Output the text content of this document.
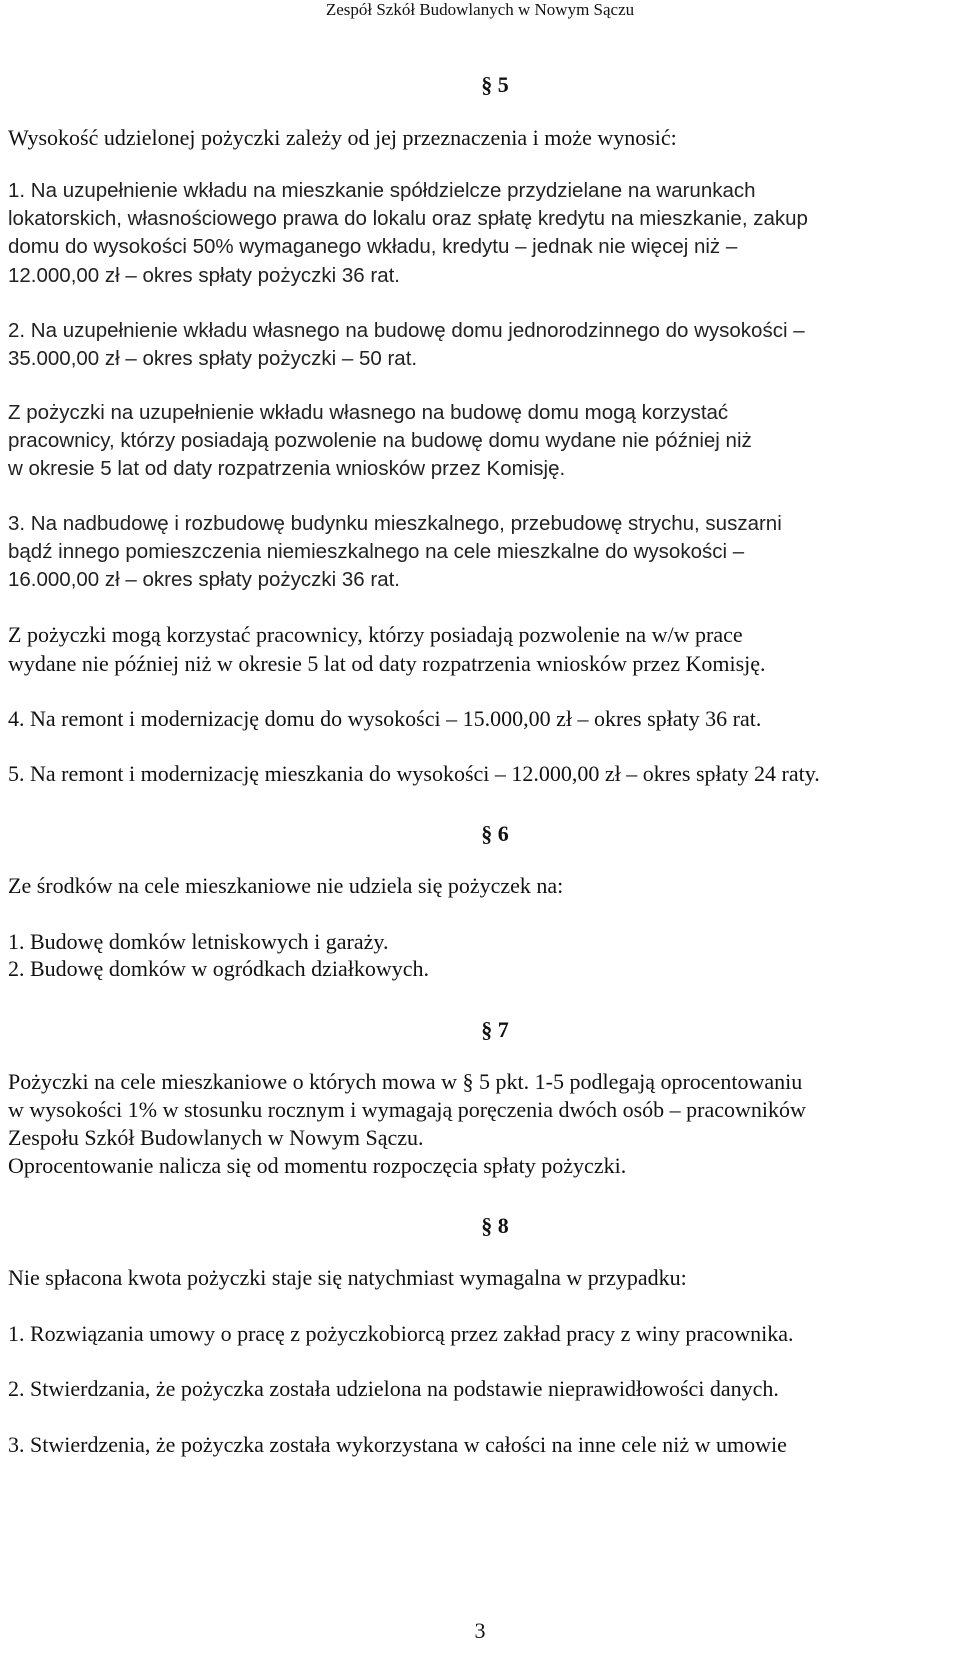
Zespół Szkół Budowlanych w Nowym Sączu
§ 5

Wysokość udzielonej pożyczki zależy od jej przeznaczenia i może wynosić:

1. Na uzupełnienie wkładu na mieszkanie spółdzielcze przydzielane na warunkach

lokatorskich, własnościowego prawa do lokalu oraz spłatę kredytu na mieszkanie, zakup

domu do wysokości 50% wymaganego wkładu, kredytu – jednak nie więcej niż –

12.000,00 zł – okres spłaty pożyczki 36 rat.

2. Na uzupełnienie wkładu własnego na budowę domu jednorodzinnego do wysokości –

35.000,00 zł – okres spłaty pożyczki – 50 rat.

Z pożyczki na uzupełnienie wkładu własnego na budowę domu mogą korzystać

pracownicy, którzy posiadają pozwolenie na budowę domu wydane nie później niż

w okresie 5 lat od daty rozpatrzenia wniosków przez Komisję.

3. Na nadbudowę i rozbudowę budynku mieszkalnego, przebudowę strychu, suszarni

bądź innego pomieszczenia niemieszkalnego na cele mieszkalne do wysokości –

16.000,00 zł – okres spłaty pożyczki 36 rat.

Z pożyczki mogą korzystać pracownicy, którzy posiadają pozwolenie na w/w prace

wydane nie później niż w okresie 5 lat od daty rozpatrzenia wniosków przez Komisję.

4. Na remont i modernizację domu do wysokości – 15.000,00 zł – okres spłaty 36 rat.

5. Na remont i modernizację mieszkania do wysokości – 12.000,00 zł – okres spłaty 24 raty.

§ 6

Ze środków na cele mieszkaniowe nie udziela się pożyczek na:

1. Budowę domków letniskowych i garaży.

2. Budowę domków w ogródkach działkowych.

§ 7

Pożyczki na cele mieszkaniowe o których mowa w § 5 pkt. 1-5 podlegają oprocentowaniu

w wysokości 1% w stosunku rocznym i wymagają poręczenia dwóch osób – pracowników

Zespołu Szkół Budowlanych w Nowym Sączu.

Oprocentowanie nalicza się od momentu rozpoczęcia spłaty pożyczki.

§ 8

Nie spłacona kwota pożyczki staje się natychmiast wymagalna w przypadku:

1. Rozwiązania umowy o pracę z pożyczkobiorcą przez zakład pracy z winy pracownika.

2. Stwierdzania, że pożyczka została udzielona na podstawie nieprawidłowości danych.

3. Stwierdzenia, że pożyczka została wykorzystana w całości na inne cele niż w umowie

3
